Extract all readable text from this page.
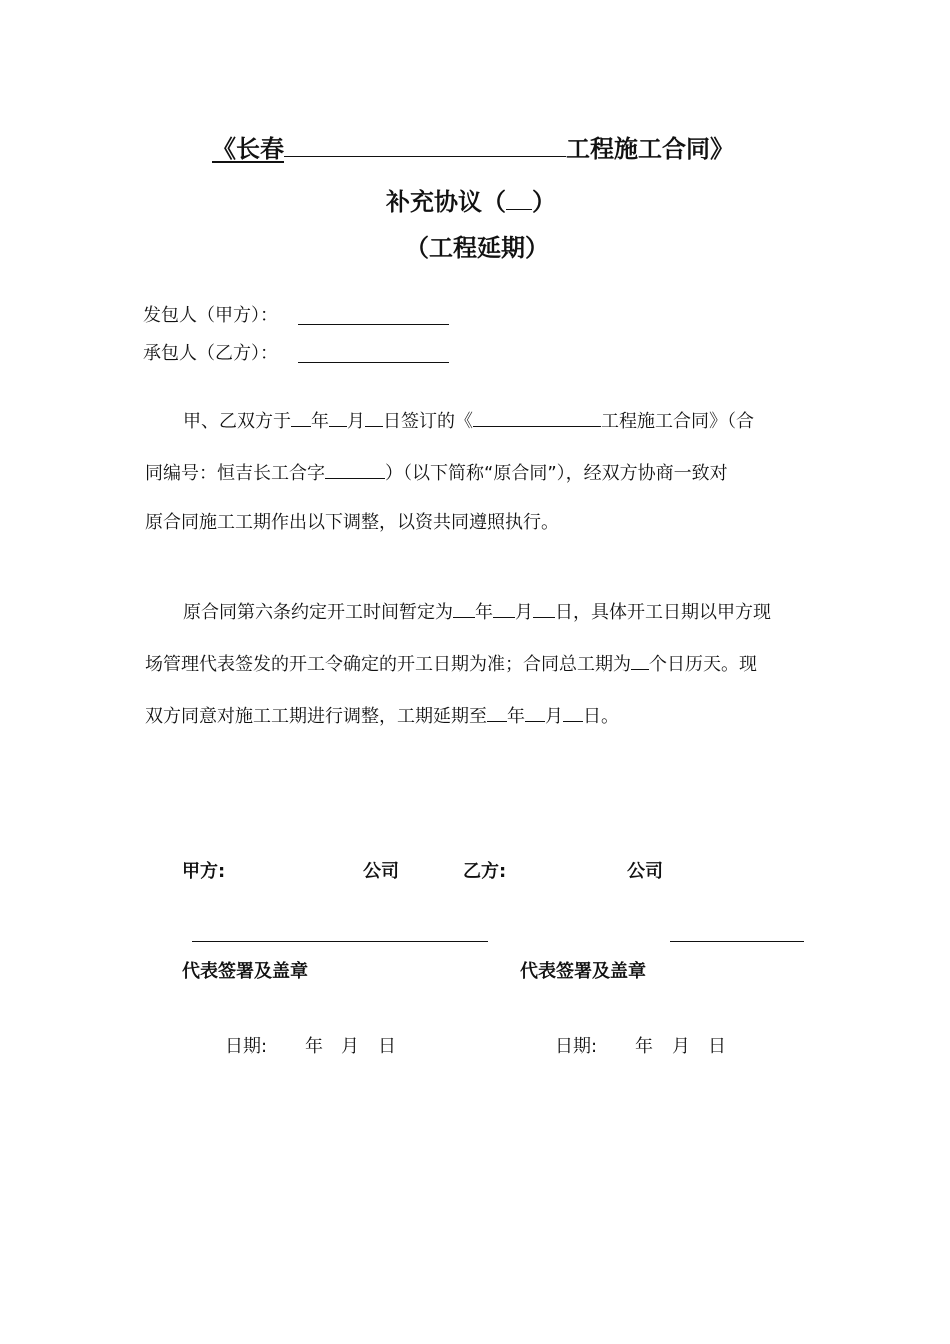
《长春	工程施工合同》
补充协议（ ）
（工程延期）
发包人（甲方）：
承包人（乙方）：
甲、乙双方于 年 月 日签订的《	工程施工合同》（合
同编号：恒吉长工合字	）（以下简称“原合同”），经双方协商一致对
原合同施工工期作出以下调整，以资共同遵照执行。
原合同第六条约定开工时间暂定为 年 月 日，具体开工日期以甲方现
场管理代表签发的开工令确定的开工日期为准；合同总工期为 个日历天。现
双方同意对施工工期进行调整，工期延期至 年 月 日。
甲方:	公司	乙方:	公司
代表签署及盖章	代表签署及盖章
日期: 年 月 日	日期: 年 月 日
